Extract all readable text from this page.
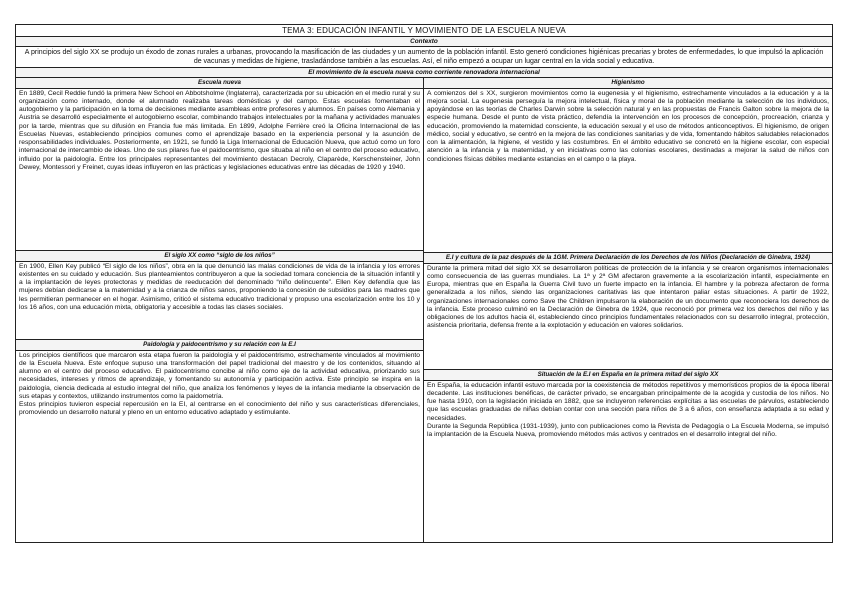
TEMA 3: EDUCACIÓN INFANTIL Y MOVIMIENTO DE LA ESCUELA NUEVA
Contexto
A principios del siglo XX se produjo un éxodo de zonas rurales a urbanas, provocando la masificación de las ciudades y un aumento de la población infantil. Esto generó condiciones higiénicas precarias y brotes de enfermedades, lo que impulsó la aplicación de vacunas y medidas de higiene, trasladándose también a las escuelas. Así, el niño empezó a ocupar un lugar central en la vida social y educativa.
El movimiento de la escuela nueva como corriente renovadora internacional
Escuela nueva
En 1889, Cecil Reddie fundó la primera New School en Abbotsholme (Inglaterra), caracterizada por su ubicación en el medio rural y su organización como internado, donde el alumnado realizaba tareas domésticas y del campo. Estas escuelas fomentaban el autogobierno y la participación en la toma de decisiones mediante asambleas entre profesores y alumnos. En países como Alemania y Austria se desarrolló especialmente el autogobierno escolar, combinando trabajos intelectuales por la mañana y actividades manuales por la tarde, mientras que su difusión en Francia fue más limitada. En 1899, Adolphe Ferrière creó la Oficina Internacional de las Escuelas Nuevas, estableciendo principios comunes como el aprendizaje basado en la experiencia personal y la asunción de responsabilidades individuales. Posteriormente, en 1921, se fundó la Liga Internacional de Educación Nueva, que actuó como un foro internacional de intercambio de ideas. Uno de sus pilares fue el paidocentrismo, que situaba al niño en el centro del proceso educativo, influido por la paidología. Entre los principales representantes del movimiento destacan Decroly, Claparède, Kerschensteiner, John Dewey, Montessori y Freinet, cuyas ideas influyeron en las prácticas y legislaciones educativas entre las décadas de 1920 y 1940.
El siglo XX como “siglo de los niños”
En 1900, Ellen Key publicó “El siglo de los niños”, obra en la que denunció las malas condiciones de vida de la infancia y los errores existentes en su cuidado y educación. Sus planteamientos contribuyeron a que la sociedad tomara conciencia de la situación infantil y a la implantación de leyes protectoras y medidas de reeducación del denominado “niño delincuente”. Ellen Key defendía que las mujeres debían dedicarse a la maternidad y a la crianza de niños sanos, proponiendo la concesión de subsidios para las madres que les permitieran permanecer en el hogar. Asimismo, criticó el sistema educativo tradicional y propuso una escolarización entre los 10 y los 16 años, con una educación mixta, obligatoria y accesible a todas las clases sociales.
Paidología y paidocentrismo y su relación con la E.I
Los principios científicos que marcaron esta etapa fueron la paidología y el paidocentrismo, estrechamente vinculados al movimiento de la Escuela Nueva. Este enfoque supuso una transformación del papel tradicional del maestro y de los contenidos, situando al alumno en el centro del proceso educativo. El paidocentrismo concibe al niño como eje de la actividad educativa, priorizando sus necesidades, intereses y ritmos de aprendizaje, y fomentando su autonomía y participación activa. Este principio se inspira en la paidología, ciencia dedicada al estudio integral del niño, que analiza los fenómenos y leyes de la infancia mediante la observación de sus etapas y contextos, utilizando instrumentos como la paidometría.
Estos principios tuvieron especial repercusión en la EI, al centrarse en el conocimiento del niño y sus características diferenciales, promoviendo un desarrollo natural y pleno en un entorno educativo adaptado y estimulante.
Higienismo
A comienzos del s XX, surgieron movimientos como la eugenesia y el higienismo, estrechamente vinculados a la educación y a la mejora social. La eugenesia perseguía la mejora intelectual, física y moral de la población mediante la selección de los individuos, apoyándose en las teorías de Charles Darwin sobre la selección natural y en las propuestas de Francis Galton sobre la mejora de la especie humana. Desde el punto de vista práctico, defendía la intervención en los procesos de concepción, procreación, crianza y educación, promoviendo la maternidad consciente, la educación sexual y el uso de métodos anticonceptivos. El higienismo, de origen médico, social y educativo, se centró en la mejora de las condiciones sanitarias y de vida, fomentando hábitos saludables relacionados con la alimentación, la higiene, el vestido y las costumbres. En el ámbito educativo se concretó en la higiene escolar, con especial atención a la infancia y la maternidad, y en iniciativas como las colonias escolares, destinadas a mejorar la salud de niños con condiciones físicas débiles mediante estancias en el campo o la playa.
E.I y cultura de la paz después de la 1GM. Primera Declaración de los Derechos de los Niños (Declaración de Ginebra, 1924)
Durante la primera mitad del siglo XX se desarrollaron políticas de protección de la infancia y se crearon organismos internacionales como consecuencia de las guerras mundiales. La 1ª y 2ª GM afectaron gravemente a la escolarización infantil, especialmente en Europa, mientras que en España la Guerra Civil tuvo un fuerte impacto en la infancia. El hambre y la pobreza afectaron de forma generalizada a los niños, siendo las organizaciones caritativas las que intentaron paliar estas situaciones. A partir de 1922, organizaciones internacionales como Save the Children impulsaron la elaboración de un documento que reconociera los derechos de la infancia. Este proceso culminó en la Declaración de Ginebra de 1924, que reconoció por primera vez los derechos del niño y las obligaciones de los adultos hacia él, estableciendo cinco principios fundamentales relacionados con su desarrollo integral, protección, asistencia prioritaria, defensa frente a la explotación y educación en valores solidarios.
Situación de la E.I en España en la primera mitad del siglo XX
En España, la educación infantil estuvo marcada por la coexistencia de métodos repetitivos y memorísticos propios de la época liberal decadente. Las instituciones benéficas, de carácter privado, se encargaban principalmente de la acogida y custodia de los niños. No fue hasta 1910, con la legislación iniciada en 1882, que se incluyeron referencias explícitas a las escuelas de párvulos, estableciendo que las escuelas graduadas de niñas debían contar con una sección para niños de 3 a 6 años, con enseñanza adaptada a su edad y necesidades.
Durante la Segunda República (1931-1939), junto con publicaciones como la Revista de Pedagogía o La Escuela Moderna, se impulsó la implantación de la Escuela Nueva, promoviendo métodos más activos y centrados en el desarrollo integral del niño.
